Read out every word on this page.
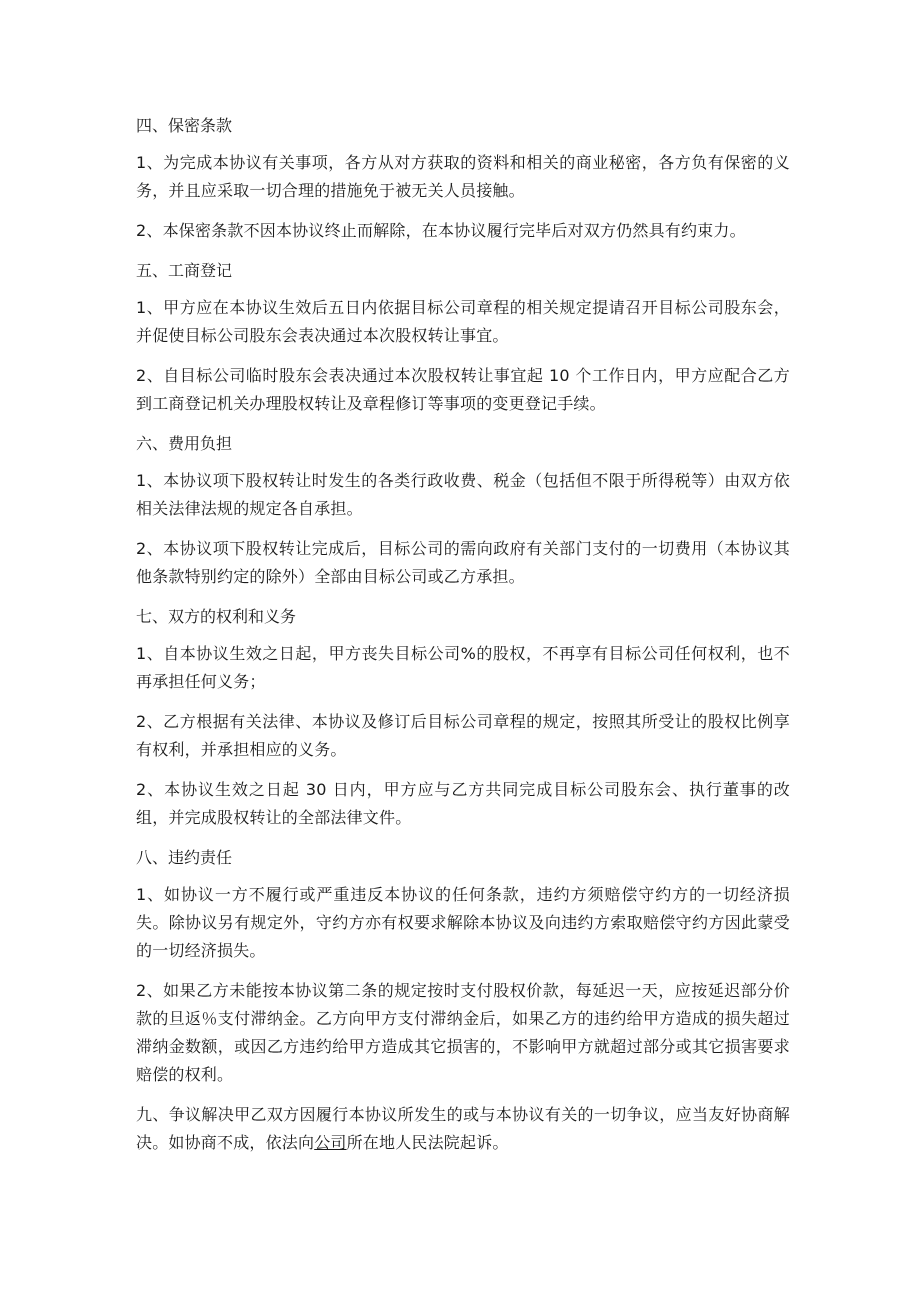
四、保密条款

1、为完成本协议有关事项，各方从对方获取的资料和相关的商业秘密，各方负有保密的义务，并且应采取一切合理的措施免于被无关人员接触。

2、本保密条款不因本协议终止而解除，在本协议履行完毕后对双方仍然具有约束力。

五、工商登记

1、甲方应在本协议生效后五日内依据目标公司章程的相关规定提请召开目标公司股东会，并促使目标公司股东会表决通过本次股权转让事宜。

2、自目标公司临时股东会表决通过本次股权转让事宜起 10 个工作日内，甲方应配合乙方到工商登记机关办理股权转让及章程修订等事项的变更登记手续。

六、费用负担

1、本协议项下股权转让时发生的各类行政收费、税金（包括但不限于所得税等）由双方依相关法律法规的规定各自承担。

2、本协议项下股权转让完成后，目标公司的需向政府有关部门支付的一切费用（本协议其他条款特别约定的除外）全部由目标公司或乙方承担。

七、双方的权利和义务

1、自本协议生效之日起，甲方丧失目标公司%的股权，不再享有目标公司任何权利，也不再承担任何义务；

2、乙方根据有关法律、本协议及修订后目标公司章程的规定，按照其所受让的股权比例享有权利，并承担相应的义务。

2、本协议生效之日起 30 日内，甲方应与乙方共同完成目标公司股东会、执行董事的改组，并完成股权转让的全部法律文件。

八、违约责任

1、如协议一方不履行或严重违反本协议的任何条款，违约方须赔偿守约方的一切经济损失。除协议另有规定外，守约方亦有权要求解除本协议及向违约方索取赔偿守约方因此蒙受的一切经济损失。

2、如果乙方未能按本协议第二条的规定按时支付股权价款，每延迟一天，应按延迟部分价款的旦返％支付滞纳金。乙方向甲方支付滞纳金后，如果乙方的违约给甲方造成的损失超过滞纳金数额，或因乙方违约给甲方造成其它损害的，不影响甲方就超过部分或其它损害要求赔偿的权利。

九、争议解决甲乙双方因履行本协议所发生的或与本协议有关的一切争议，应当友好协商解决。如协商不成，依法向公司所在地人民法院起诉。
